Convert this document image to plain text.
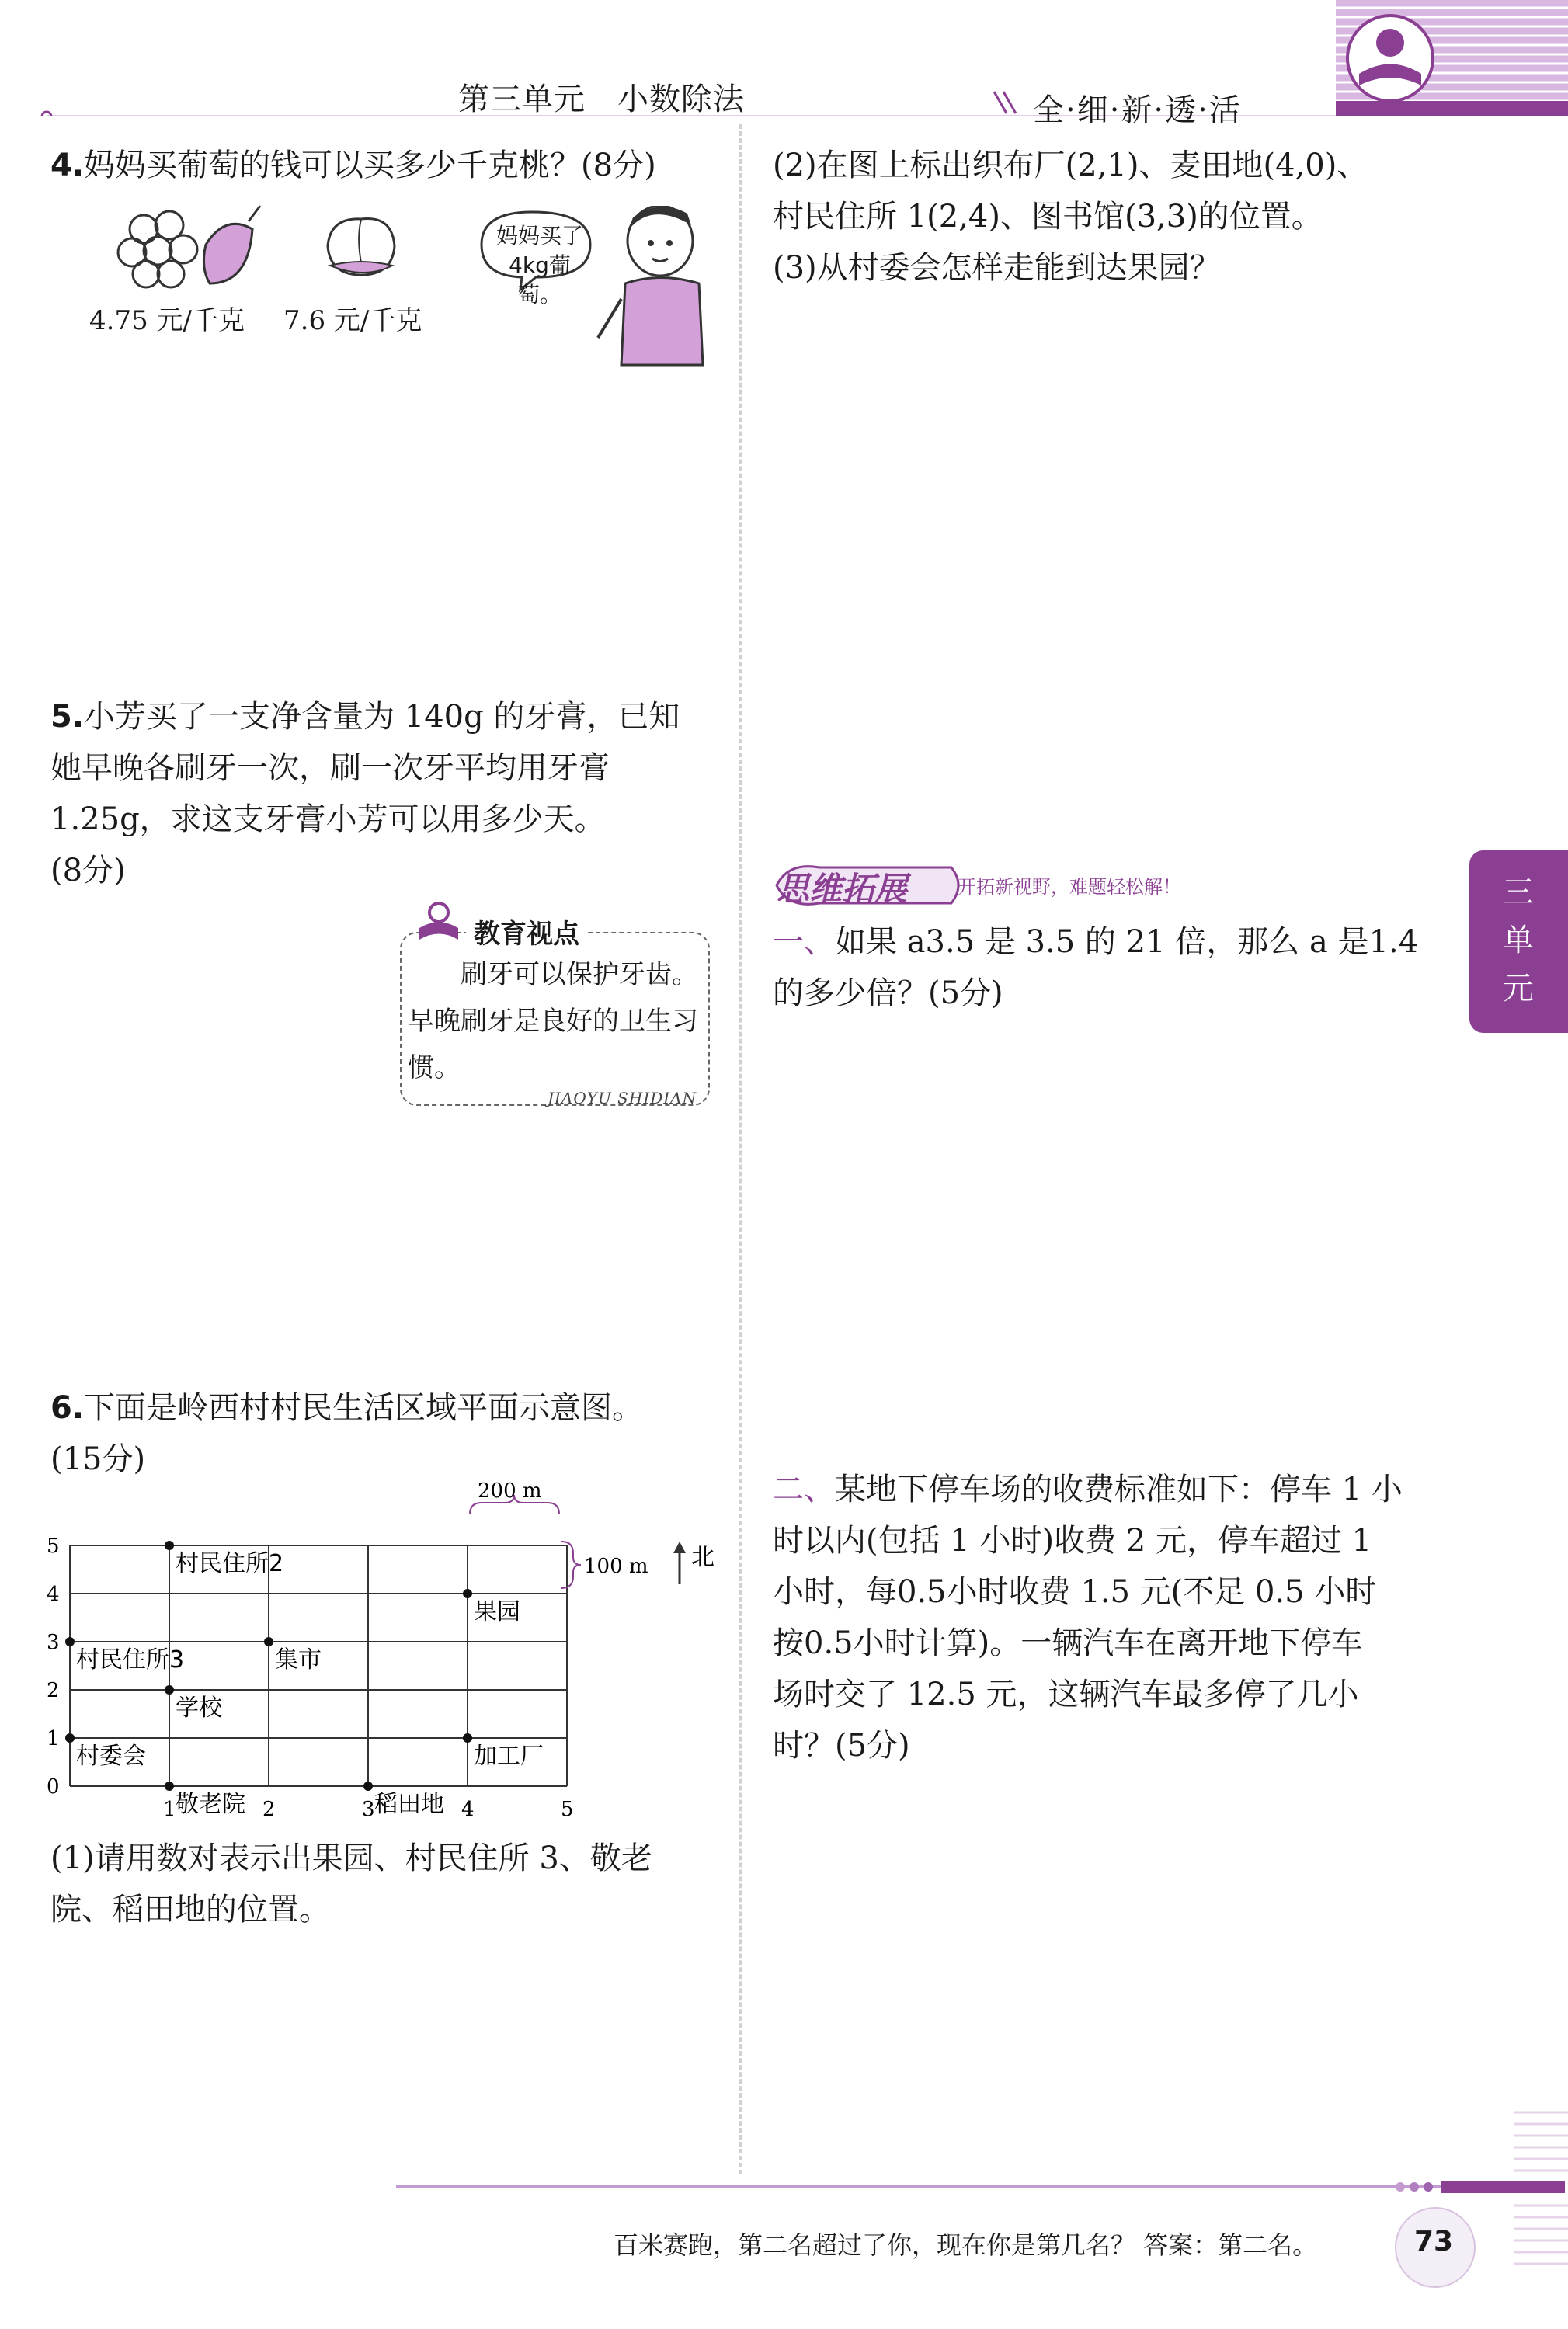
第三单元　小数除法	全·细·新·透·活
4.妈妈买葡萄的钱可以买多少千克桃？(8分)
4.75 元/千克 7.6 元/千克
妈妈买了
4kg葡萄。
5.小芳买了一支净含量为 140g 的牙膏，已知
她早晚各刷牙一次，刷一次牙平均用牙膏
1.25g，求这支牙膏小芳可以用多少天。
(8分)
教育视点
刷牙可以保护牙齿。早晚刷牙是良好的卫生习惯。
JIAOYU SHIDIAN
6.下面是岭西村村民生活区域平面示意图。
(15分)
0
1
2
3
4
5
1	2	3	4	5
村民住所2
果园
村民住所3	集市
学校
村委会	加工厂
敬老院	稻田地
200 m
100 m 北
(1)请用数对表示出果园、村民住所 3、敬老
院、稻田地的位置。
(2)在图上标出织布厂(2,1)、麦田地(4,0)、
村民住所 1(2,4)、图书馆(3,3)的位置。
(3)从村委会怎样走能到达果园？
思维拓展	开拓新视野，难题轻松解！
一、如果 a3.5 是 3.5 的 21 倍，那么 a 是1.4
的多少倍？(5分)
二、某地下停车场的收费标准如下：停车 1 小
时以内(包括 1 小时)收费 2 元，停车超过 1
小时，每0.5小时收费 1.5 元(不足 0.5 小时
按0.5小时计算)。一辆汽车在离开地下停车
场时交了 12.5 元，这辆汽车最多停了几小
时？(5分)
三
单
元
百米赛跑，第二名超过了你，现在你是第几名？ 答案：第二名。	73
